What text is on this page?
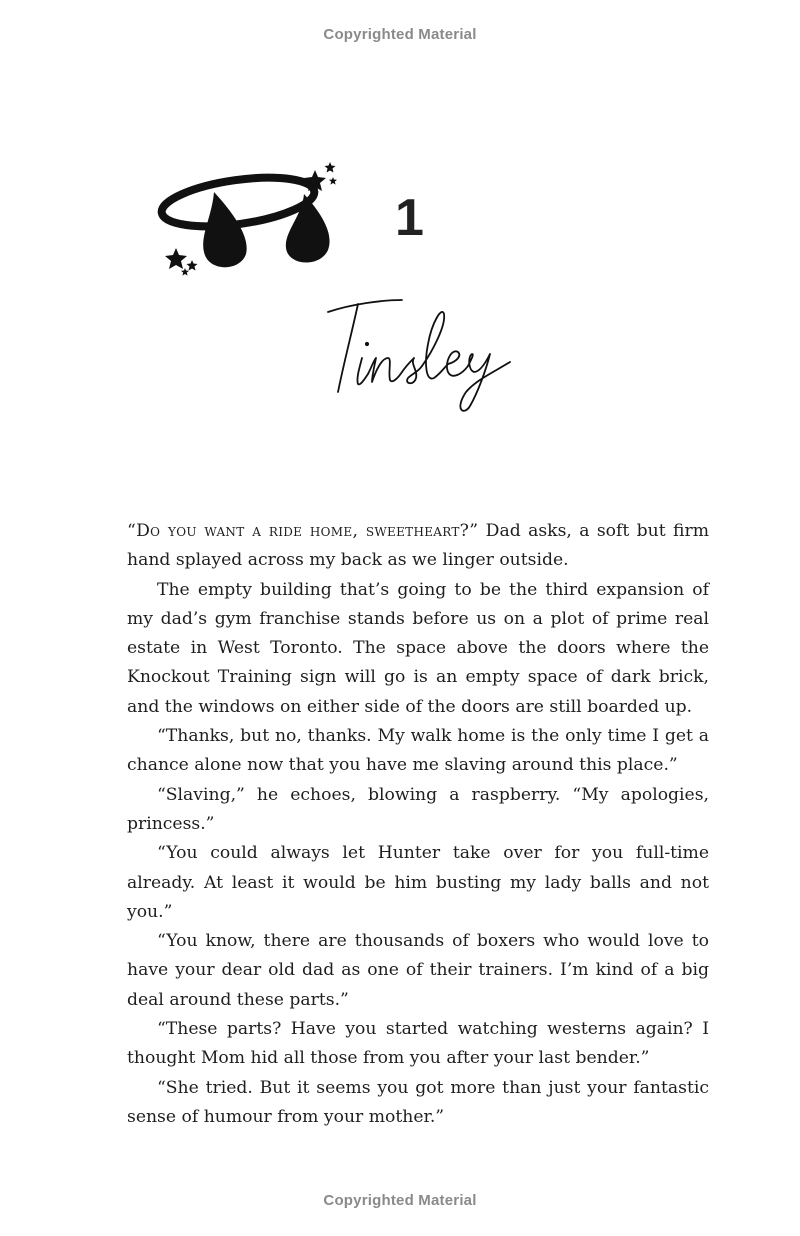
Copyrighted Material
1

“Do you want a ride home, sweetheart?” Dad asks, a soft but firm hand splayed across my back as we linger outside.

The empty building that’s going to be the third expansion of my dad’s gym franchise stands before us on a plot of prime real estate in West Toronto. The space above the doors where the Knockout Training sign will go is an empty space of dark brick, and the windows on either side of the doors are still boarded up.

“Thanks, but no, thanks. My walk home is the only time I get a chance alone now that you have me slaving around this place.”

“Slaving,” he echoes, blowing a raspberry. “My apologies, princess.”

“You could always let Hunter take over for you full-time already. At least it would be him busting my lady balls and not you.”

“You know, there are thousands of boxers who would love to have your dear old dad as one of their trainers. I’m kind of a big deal around these parts.”

“These parts? Have you started watching westerns again? I thought Mom hid all those from you after your last bender.”

“She tried. But it seems you got more than just your fantastic sense of humour from your mother.”

Copyrighted Material
